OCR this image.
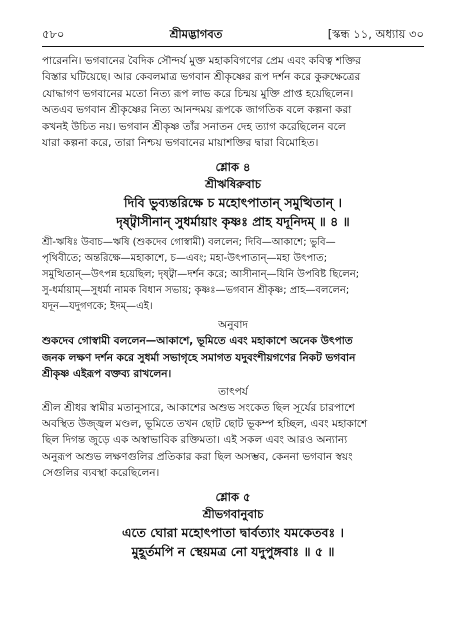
৫৮০	শ্রীমদ্ভাগবত	[স্কন্ধ ১১, অধ্যায় ৩০
পারেননি। ভগবানের বৈদিক সৌন্দর্য মুক্ত মহাকবিগণের প্রেম এবং কবিত্ব শক্তির
বিস্তার ঘটিয়েছে। আর কেবলমাত্র ভগবান শ্রীকৃষ্ণের রূপ দর্শন করে কুরুক্ষেত্রের
যোদ্ধাগণ ভগবানের মতো নিত্য রূপ লাভ করে চিন্ময় মুক্তি প্রাপ্ত হয়েছিলেন।
অতএব ভগবান শ্রীকৃষ্ণের নিত্য আনন্দময় রূপকে জাগতিক বলে কল্পনা করা
কখনই উচিত নয়। ভগবান শ্রীকৃষ্ণ তাঁর সনাতন দেহ ত্যাগ করেছিলেন বলে
যারা কল্পনা করে, তারা নিশ্চয় ভগবানের মায়াশক্তির দ্বারা বিমোহিত।
শ্লোক ৪
শ্রীঋষিরুবাচ
দিবি ভুব্যন্তরিক্ষে চ মহোৎপাতান্ সমুত্থিতান্ ।
দৃষ্ট্বাসীনান্ সুধর্মায়াং কৃষ্ণঃ প্রাহ যদূনিদম্ ॥ ৪ ॥
শ্রী-ঋষিঃ উবাচ—ঋষি (শুকদেব গোস্বামী) বললেন; দিবি—আকাশে; ভুবি—
পৃথিবীতে; অন্তরিক্ষে—মহাকাশে, চ—এবং; মহা-উৎপাতান্—মহা উৎপাত;
সমুত্থিতান্—উৎপন্ন হয়েছিল; দৃষ্ট্বা—দর্শন করে; আসীনান্—যিনি উপবিষ্ট ছিলেন;
সু-ধর্মায়াম্—সুধর্মা নামক বিধান সভায়; কৃষ্ণঃ—ভগবান শ্রীকৃষ্ণ; প্রাহ—বললেন;
যদূন—যদুগণকে; ইদম্—এই।
অনুবাদ
শুকদেব গোস্বামী বললেন—আকাশে, ভূমিতে এবং মহাকাশে অনেক উৎপাত
জনক লক্ষণ দর্শন করে সুধর্মা সভাগৃহে সমাগত যদুবংশীয়গণের নিকট ভগবান
শ্রীকৃষ্ণ এইরূপ বক্তব্য রাখলেন।
তাৎপর্য
শ্রীল শ্রীধর স্বামীর মতানুসারে, আকাশের অশুভ সংকেত ছিল সূর্যের চারপাশে
অবস্থিত উজ্জ্বল মণ্ডল, ভূমিতে তখন ছোট ছোট ভূকম্প হচ্ছিল, এবং মহাকাশে
ছিল দিগন্ত জুড়ে এক অস্বাভাবিক রক্তিমতা। এই সকল এবং আরও অন্যান্য
অনুরূপ অশুভ লক্ষণগুলির প্রতিকার করা ছিল অসম্ভব, কেননা ভগবান স্বয়ং
সেগুলির ব্যবস্থা করেছিলেন।
শ্লোক ৫
শ্রীভগবানুবাচ
এতে ঘোরা মহোৎপাতা দ্বার্বত্যাং যমকেতবঃ ।
মুহূর্তমপি ন স্থেয়মত্র নো যদুপুঙ্গবাঃ ॥ ৫ ॥
